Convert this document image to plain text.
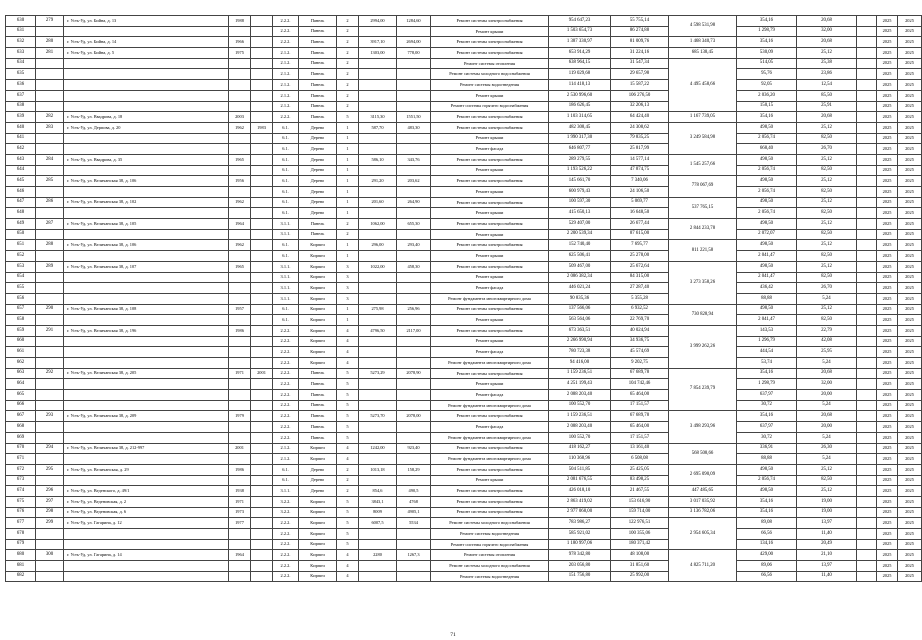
630	279	г. Усть-Уд, ул. Бийна, д. 13	1988		2.2.2.	Панель	2	2994,00	1284,60	Ремонт системы электроснабжения	954 647,23	55 755,14	4 598 531,98	354,16	20,68		2025	2025
631					2.2.2.	Панель	2			Ремонт крыши	1 503 654,73	86 274,88		1 298,79	32,00		2025	2025
632	280	г. Усть-Уд, ул. Бийна, д. 14	1966		2.2.2.	Панель	2	3917,10	2694,00	Ремонт системы электроснабжения	1 387 330,97	81 009,76	1 468 340,73	354,16	20,68		2025	2025
633	281	г. Усть-Уд, ул. Бийна, д. 5	1975		2.1.2.	Панель	2	1303,00	778,00	Ремонт системы электроснабжения	653 914,29	31 224,16	685 138,45	530,09	25,12		2025	2025
634					2.1.2.	Панель	2			Ремонт системы отопления	638 964,15	31 547,34	4 495 458,66	514,05	25,38		2025	2025
635					2.1.2.	Панель	2			Ремонт системы холодного водоснабжения	119 029,68	29 657,98		95,76	23,86		2025	2025
636					2.1.2.	Панель	2			Ремонт системы водоотведения	114 418,13	15 587,22		92,05	12,54		2025	2025
637					2.1.2.	Панель	2			Ремонт крыши	2 530 996,60	106 276,50		2 036,20	85,50		2025	2025
638					2.1.2.	Панель	2			Ремонт системы горячего водоснабжения	186 626,45	32 206,13		150,15	25,91		2025	2025
639	282	г. Усть-Уд, ул. Ввадрова, д. 18	2003		2.2.2.	Панель	5	3115,30	1551,50	Ремонт системы электроснабжения	1 103 314,65	64 424,40	1 167 739,05	354,16	20,68		2025	2025
640	283	г. Усть-Уд, ул. Дерпова, д. 20	1962	1983	6.1.	Дерево	1	587,70	483,30	Ремонт системы электроснабжения	482 308,45	24 308,62	3 249 584,98	498,50	25,12		2025	2025
641					6.1.	Дерево	1			Ремонт крыши	1 990 317,30	79 835,25		2 056,74	82,50		2025	2025
642					6.1.	Дерево	1			Ремонт фасада	646 807,77	25 817,99		668,40	26,70		2025	2025
643	284	г. Усть-Уд, ул. Ввадрова, д. 35	1965		6.1.	Дерево	1	586,10	343,76	Ремонт системы электроснабжения	289 279,55	14 577,14	1 545 257,66	498,50	25,12		2025	2025
644					6.1.	Дерево	1			Ремонт крыши	1 193 526,22	47 874,75		2 056,74	82,50		2025	2025
645	285	г. Усть-Уд, ул. Величанская 38, д. 106	1956		6.1.	Дерево	1	291,20	203,62	Ремонт системы электроснабжения	145 661,70	7 340,06	778 067,69	498,50	25,12		2025	2025
646					6.1.	Дерево	1			Ремонт крыши	600 979,43	24 106,50		2 056,74	82,50		2025	2025
647	286	г. Усть-Уд, ул. Величанская 38, д. 102	1962		6.1.	Дерево	1	201,60	264,90	Ремонт системы электроснабжения	100 597,30	5 069,77	537 765,15	498,50	25,12		2025	2025
648					6.1.	Дерево	1			Ремонт крыши	415 650,13	16 648,50		2 056,74	82,50		2025	2025
649	287	г. Усть-Уд, ул. Величанская 38, д. 105	1964		3.1.1.	Панель	2	1062,00	655,30	Ремонт системы электроснабжения	529 407,00	26 677,44	2 844 233,78	498,50	25,12		2025	2025
650					3.1.1.	Панель	2			Ремонт крыши	2 200 539,34	87 615,00		2 072,07	82,50		2025	2025
651	288	г. Усть-Уд, ул. Величанская 38, д. 106	1962		6.1.	Кирпич	1	296,00	293,40	Ремонт системы электроснабжения	152 740,40	7 695,77	811 221,58	498,50	25,12		2025	2025
652					6.1.	Кирпич	1			Ремонт крыши	625 506,41	25 278,00		2 041,47	82,50		2025	2025
653	289	г. Усть-Уд, ул. Величанская 38, д. 107	1965		3.1.1.	Кирпич	3	1022,00	458,30	Ремонт системы электроснабжения	509 467,00	25 672,64	3 273 358,26	498,50	25,12		2025	2025
654					3.1.1.	Кирпич	3			Ремонт крыши	2 086 382,34	84 315,00		2 041,47	82,50		2025	2025
655					3.1.1.	Кирпич	3			Ремонт фасада	446 021,24	27 287,40		436,42	26,70		2025	2025
656					3.1.1.	Кирпич	3			Ремонт фундамента многоквартирного дома	90 835,36	5 355,28		88,88	5,24		2025	2025
657	290	г. Усть-Уд, ул. Величанская 38, д. 108	1957		6.1.	Кирпич	1	275,98	256,96	Ремонт системы электроснабжения	137 566,06	6 932,52	730 828,94	498,50	25,12		2025	2025
658					6.1.	Кирпич	1			Ремонт крыши	563 564,06	22 769,70		2 041,47	82,50		2025	2025
659	291	г. Усть-Уд, ул. Величанская 38, д. 196	1986		2.2.2.	Кирпич	4	4796,50	2117,00	Ремонт системы электроснабжения	673 363,51	40 024,94	3 999 262,26	143,53	22,79		2025	2025
660					2.2.2.	Кирпич	4			Ремонт крыши	2 266 990,94	34 936,75		1 296,79	42,08		2025	2025
661					2.2.2.	Кирпич	4			Ремонт фасада	780 723,38	45 574,69		444,54	25,95		2025	2025
662					2.2.2.	Кирпич	4			Ремонт фундамента многоквартирного дома	94 416,00	9 202,75		53,74	5,24		2025	2025
663	292	г. Усть-Уд, ул. Величанская 38, д. 205	1971	2001	2.2.2.	Панель	5	5273,29	2078,90	Ремонт системы электроснабжения	1 159 236,51	67 689,78	7 854 239,79	354,16	20,68		2025	2025
664					2.2.2.	Панель	5			Ремонт крыши	4 251 199,43	104 742,46		1 298,79	32,00		2025	2025
665					2.2.2.	Панель	5			Ремонт фасада	2 088 203,40	65 464,00		637,97	20,00		2025	2025
666					2.2.2.	Панель	5			Ремонт фундамента многоквартирного дома	100 552,70	17 151,57		30,72	5,24		2025	2025
667	293	г. Усть-Уд, ул. Величанская 38, д. 209	1979		2.2.2.	Панель	5	5273,70	2078,00	Ремонт системы электроснабжения	1 159 236,51	67 689,78	3 498 293,96	354,16	20,68		2025	2025
668					2.2.2.	Панель	5			Ремонт фасада	2 088 203,40	65 464,00		637,97	20,00		2025	2025
669					2.2.2.	Панель	5			Ремонт фундамента многоквартирного дома	100 552,70	17 151,57		30,72	5,24		2025	2025
670	294	г. Усть-Уд, ул. Величанская 38, д. 212-997	2001		2.1.2.	Кирпич	4	1242,00	923,40	Ремонт системы электроснабжения	418 162,27	13 161,40	568 508,66	336,91	26,30		2025	2025
671					2.1.2.	Кирпич	4			Ремонт фундамента многоквартирного дома	110 368,96	6 508,08		88,88	5,24		2025	2025
672	295	г. Усть-Уд, ул. Величанская, д. 29	1986		6.1.	Дерево	2	1013,18	158,29	Ремонт системы электроснабжения	504 511,85	25 425,05	2 695 090,09	498,50	25,12		2025	2025
673					6.1.	Дерево	2			Ремонт крыши	2 081 676,55	83 498,25		2 056,74	82,50		2025	2025
674	296	г. Усть-Уд, ул. Веденского, д. 49/1	1938		3.1.1.	Дерево	2	854,6	490,5	Ремонт системы электроснабжения	426 018,10	21 467,55	447 485,65	498,50	25,12		2025	2025
675	297	г. Усть-Уд, ул. Веденовская, д. 2	1971		3.2.2.	Кирпич	5	3843,1	4768	Ремонт системы электроснабжения	2 863 419,02	153 616,90	3 017 035,92	354,16	19,00		2025	2025
676	298	г. Усть-Уд, ул. Веденовская, д. 6	1973		3.2.2.	Кирпич	5	8009	4905,1	Ремонт системы электроснабжения	2 977 068,00	159 714,00	3 136 782,06	354,16	19,00		2025	2025
677	299	г. Усть-Уд, ул. Гагарина, д. 12	1977		2.2.2.	Кирпич	5	6007,5	5534	Ремонт системы холодного водоснабжения	783 986,27	122 976,51	2 954 605,34	89,08	13,97		2025	2025
678					2.2.2.	Кирпич	5			Ремонт системы водоотведения	585 921,02	100 355,06		66,56	11,40		2025	2025
679					2.2.2.	Кирпич	5			Ремонт системы горячего водоснабжения	1 180 997,06	180 371,42		134,16	20,49		2025	2025
680	300	г. Усть-Уд, ул. Гагарина, д. 14	1964		2.2.2.	Кирпич	4	2280	1267,3	Ремонт системы отопления	978 342,80	48 108,00	4 825 711,20	429,00	21,10		2025	2025
681					2.2.2.	Кирпич	4			Ремонт системы холодного водоснабжения	203 056,80	31 851,60		89,06	13,97		2025	2025
682					2.2.2.	Кирпич	4			Ремонт системы водоотведения	151 756,80	25 992,00		66,56	11,40		2025	2025
71
